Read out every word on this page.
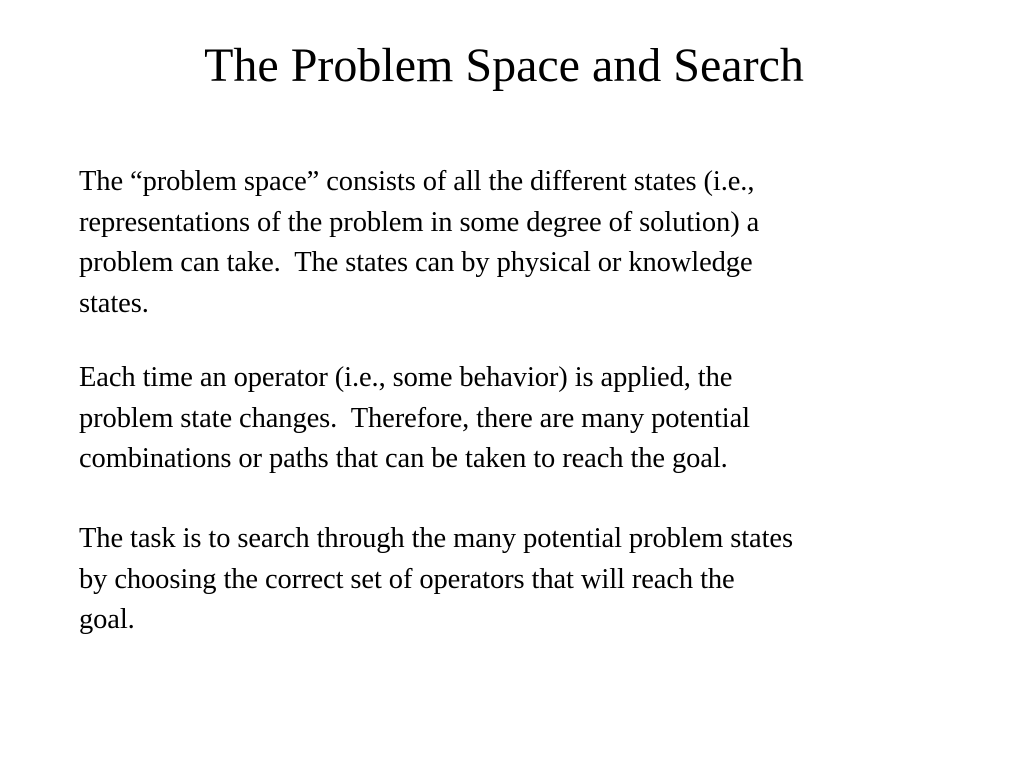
The Problem Space and Search

The “problem space” consists of all the different states (i.e.,
representations of the problem in some degree of solution) a
problem can take.  The states can by physical or knowledge
states.

Each time an operator (i.e., some behavior) is applied, the
problem state changes.  Therefore, there are many potential
combinations or paths that can be taken to reach the goal.

The task is to search through the many potential problem states
by choosing the correct set of operators that will reach the
goal.
